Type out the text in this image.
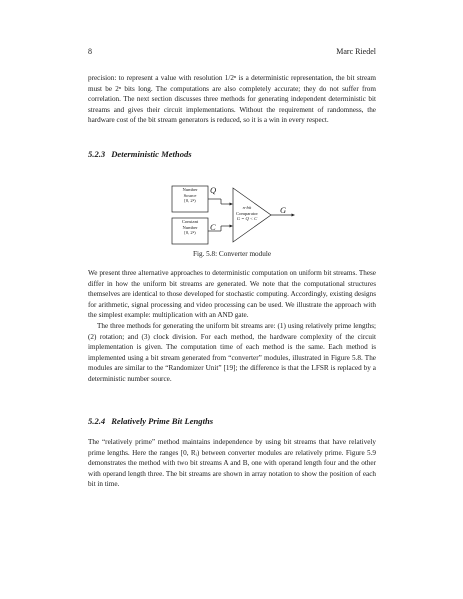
8	Marc Riedel

precision: to represent a value with resolution 1/2ⁿ is a deterministic representation, the bit stream must be 2ⁿ bits long. The computations are also completely accurate; they do not suffer from correlation. The next section discusses three methods for generating independent deterministic bit streams and gives their circuit implementations. Without the requirement of randomness, the hardware cost of the bit stream generators is reduced, so it is a win in every respect.

5.2.3 Deterministic Methods
Number
Source
[0, 2ⁿ)
Constant
Number
[0, 2ⁿ)
n-bit
Comparator
G = Q < C
Q
C
G
Fig. 5.8: Converter module

We present three alternative approaches to deterministic computation on uniform bit streams. These differ in how the uniform bit streams are generated. We note that the computational structures themselves are identical to those developed for stochastic computing. Accordingly, existing designs for arithmetic, signal processing and video processing can be used. We illustrate the approach with the simplest example: multiplication with an AND gate.

The three methods for generating the uniform bit streams are: (1) using relatively prime lengths; (2) rotation; and (3) clock division. For each method, the hardware complexity of the circuit implementation is given. The computation time of each method is the same. Each method is implemented using a bit stream generated from “converter” modules, illustrated in Figure 5.8. The modules are similar to the “Randomizer Unit” [19]; the difference is that the LFSR is replaced by a deterministic number source.

5.2.4 Relatively Prime Bit Lengths

The “relatively prime” method maintains independence by using bit streams that have relatively prime lengths. Here the ranges [0, Rᵢ) between converter modules are relatively prime. Figure 5.9 demonstrates the method with two bit streams A and B, one with operand length four and the other with operand length three. The bit streams are shown in array notation to show the position of each bit in time.
